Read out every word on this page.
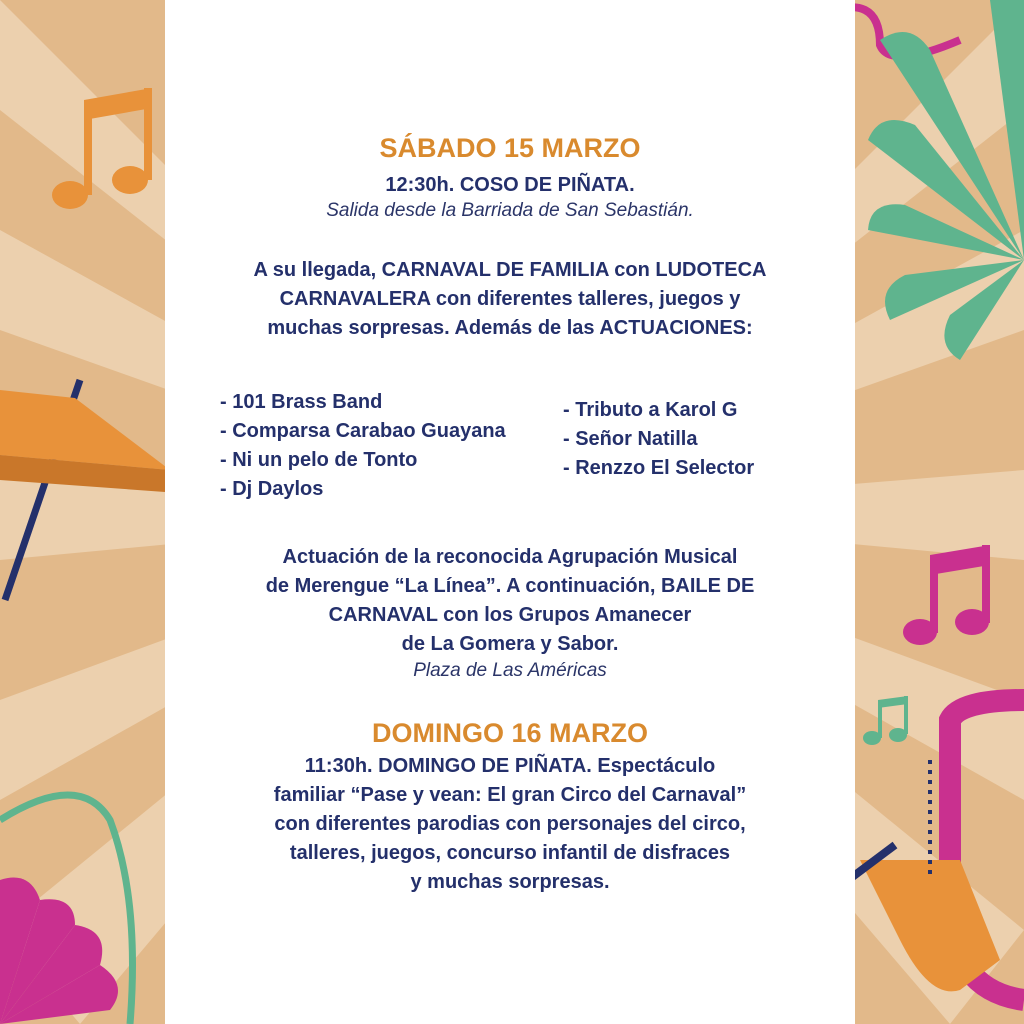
SÁBADO 15 MARZO
12:30h. COSO DE PIÑATA.
Salida desde la Barriada de San Sebastián.
A su llegada, CARNAVAL DE FAMILIA con LUDOTECA
CARNAVALERA con diferentes talleres, juegos y
muchas sorpresas. Además de las ACTUACIONES:
- 101 Brass Band
- Comparsa Carabao Guayana
- Ni un pelo de Tonto
- Dj Daylos
- Tributo a Karol G
- Señor Natilla
- Renzzo El Selector
Actuación de la reconocida Agrupación Musical
de Merengue “La Línea”. A continuación, BAILE DE
CARNAVAL con los Grupos Amanecer
de La Gomera y Sabor.
Plaza de Las Américas
DOMINGO 16 MARZO
11:30h. DOMINGO DE PIÑATA. Espectáculo
familiar “Pase y vean: El gran Circo del Carnaval”
con diferentes parodias con personajes del circo,
talleres, juegos, concurso infantil de disfraces
y muchas sorpresas.
